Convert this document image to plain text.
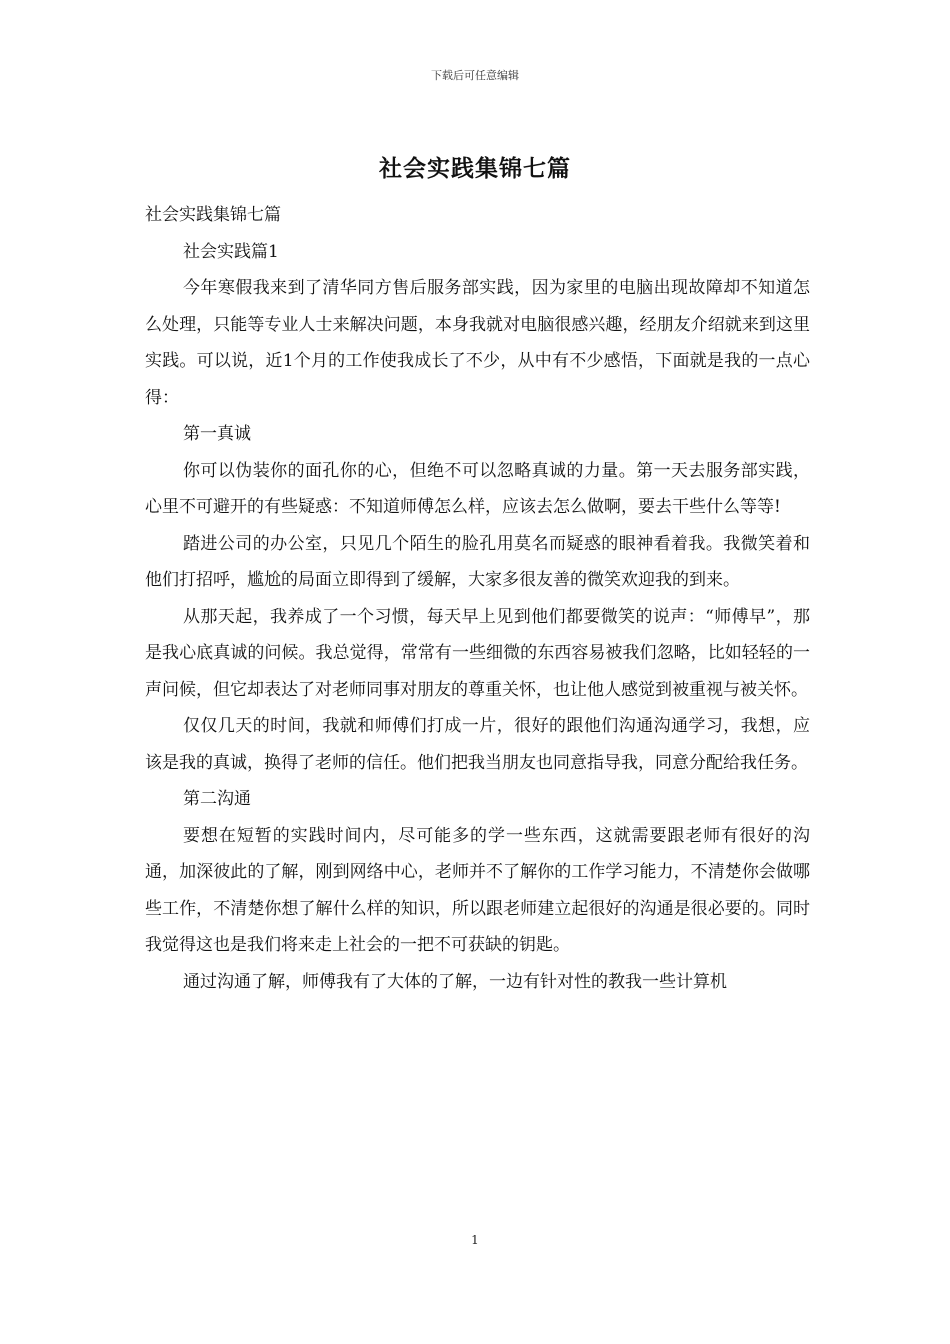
下载后可任意编辑
社会实践集锦七篇

社会实践集锦七篇

社会实践篇1

今年寒假我来到了清华同方售后服务部实践，因为家里的电脑出现故障却不知道怎么处理，只能等专业人士来解决问题，本身我就对电脑很感兴趣，经朋友介绍就来到这里实践。可以说，近1个月的工作使我成长了不少，从中有不少感悟，下面就是我的一点心得：

第一真诚

你可以伪装你的面孔你的心，但绝不可以忽略真诚的力量。第一天去服务部实践，心里不可避开的有些疑惑：不知道师傅怎么样，应该去怎么做啊，要去干些什么等等!

踏进公司的办公室，只见几个陌生的脸孔用莫名而疑惑的眼神看着我。我微笑着和他们打招呼，尴尬的局面立即得到了缓解，大家多很友善的微笑欢迎我的到来。

从那天起，我养成了一个习惯，每天早上见到他们都要微笑的说声：“师傅早”，那是我心底真诚的问候。我总觉得，常常有一些细微的东西容易被我们忽略，比如轻轻的一声问候，但它却表达了对老师同事对朋友的尊重关怀，也让他人感觉到被重视与被关怀。

仅仅几天的时间，我就和师傅们打成一片，很好的跟他们沟通沟通学习，我想，应该是我的真诚，换得了老师的信任。他们把我当朋友也同意指导我，同意分配给我任务。

第二沟通

要想在短暂的实践时间内，尽可能多的学一些东西，这就需要跟老师有很好的沟通，加深彼此的了解，刚到网络中心，老师并不了解你的工作学习能力，不清楚你会做哪些工作，不清楚你想了解什么样的知识，所以跟老师建立起很好的沟通是很必要的。同时我觉得这也是我们将来走上社会的一把不可获缺的钥匙。

通过沟通了解，师傅我有了大体的了解，一边有针对性的教我一些计算机

1
